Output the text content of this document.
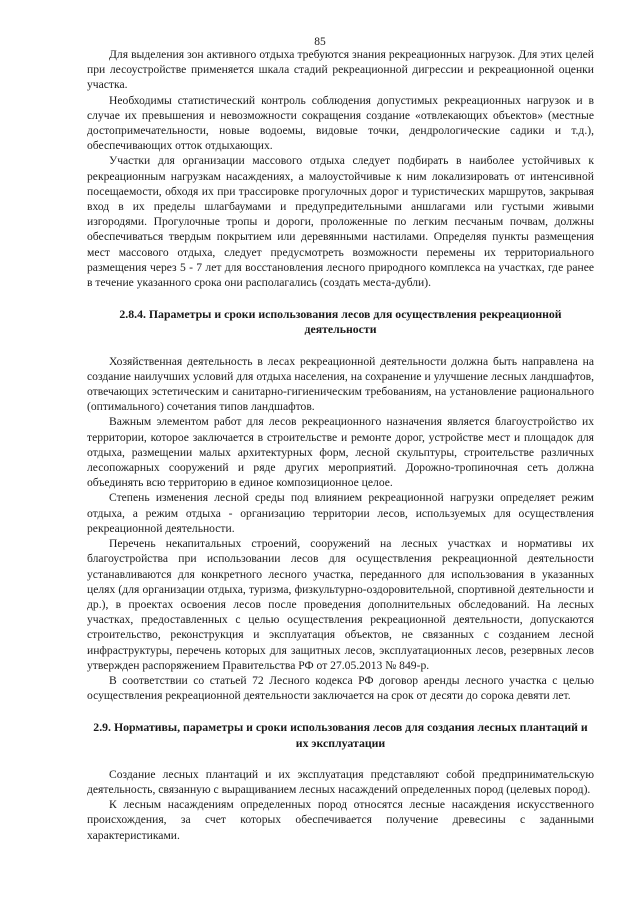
85

Для выделения зон активного отдыха требуются знания рекреационных нагрузок. Для этих целей при лесоустройстве применяется шкала стадий рекреационной дигрессии и рекреационной оценки участка.

Необходимы статистический контроль соблюдения допустимых рекреационных нагрузок и в случае их превышения и невозможности сокращения создание «отвлекающих объектов» (местные достопримечательности, новые водоемы, видовые точки, дендрологические садики и т.д.), обеспечивающих отток отдыхающих.

Участки для организации массового отдыха следует подбирать в наиболее устойчивых к рекреационным нагрузкам насаждениях, а малоустойчивые к ним локализировать от интенсивной посещаемости, обходя их при трассировке прогулочных дорог и туристических маршрутов, закрывая вход в их пределы шлагбаумами и предупредительными аншлагами или густыми живыми изгородями. Прогулочные тропы и дороги, проложенные по легким песчаным почвам, должны обеспечиваться твердым покрытием или деревянными настилами. Определяя пункты размещения мест массового отдыха, следует предусмотреть возможности перемены их территориального размещения через 5 - 7 лет для восстановления лесного природного комплекса на участках, где ранее в течение указанного срока они располагались (создать места-дубли).

2.8.4. Параметры и сроки использования лесов для осуществления рекреационной деятельности

Хозяйственная деятельность в лесах рекреационной деятельности должна быть направлена на создание наилучших условий для отдыха населения, на сохранение и улучшение лесных ландшафтов, отвечающих эстетическим и санитарно-гигиеническим требованиям, на установление рационального (оптимального) сочетания типов ландшафтов.

Важным элементом работ для лесов рекреационного назначения является благоустройство их территории, которое заключается в строительстве и ремонте дорог, устройстве мест и площадок для отдыха, размещении малых архитектурных форм, лесной скульптуры, строительстве различных лесопожарных сооружений и ряде других мероприятий. Дорожно-тропиночная сеть должна объединять всю территорию в единое композиционное целое.

Степень изменения лесной среды под влиянием рекреационной нагрузки определяет режим отдыха, а режим отдыха - организацию территории лесов, используемых для осуществления рекреационной деятельности.

Перечень некапитальных строений, сооружений на лесных участках и нормативы их благоустройства при использовании лесов для осуществления рекреационной деятельности устанавливаются для конкретного лесного участка, переданного для использования в указанных целях (для организации отдыха, туризма, физкультурно-оздоровительной, спортивной деятельности и др.), в проектах освоения лесов после проведения дополнительных обследований. На лесных участках, предоставленных с целью осуществления рекреационной деятельности, допускаются строительство, реконструкция и эксплуатация объектов, не связанных с созданием лесной инфраструктуры, перечень которых для защитных лесов, эксплуатационных лесов, резервных лесов утвержден распоряжением Правительства РФ от 27.05.2013 № 849-р.

В соответствии со статьей 72 Лесного кодекса РФ договор аренды лесного участка с целью осуществления рекреационной деятельности заключается на срок от десяти до сорока девяти лет.

2.9. Нормативы, параметры и сроки использования лесов для создания лесных плантаций и их эксплуатации

Создание лесных плантаций и их эксплуатация представляют собой предпринимательскую деятельность, связанную с выращиванием лесных насаждений определенных пород (целевых пород).

К лесным насаждениям определенных пород относятся лесные насаждения искусственного происхождения, за счет которых обеспечивается получение древесины с заданными характеристиками.
